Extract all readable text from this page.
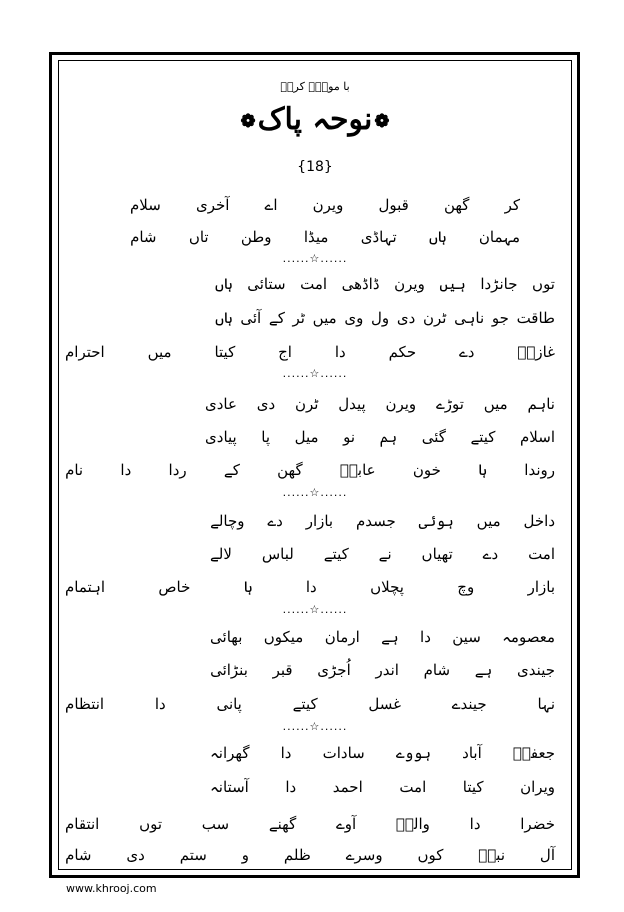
با مولاؑ کرمؑ
❁نوحہ پاک❁
{18}
کر
گھن
قبول
ویرن
اے
آخری
سلام
مہمان
ہاں
تہاڈی
میڈا
وطن
تاں
شام
......☆......
توں
جانڑدا
ہیں
ویرن
ڈاڈھی
امت
ستائی
ہاں
طاقت
جو
ناہی
ٹرن
دی
ول
وی
میں
ٹر
کے
آئی
ہاں
غازیؑ
دے
حکم
دا
اج
کیتا
میں
احترام
......☆......
ناہم
میں
توڑے
ویرن
پیدل
ٹرن
دی
عادی
اسلام
کیتے
گئی
ہم
نو
میل
پا
پیادی
روندا
ہا
خون
عابدؑ
گھن
کے
ردا
دا
نام
......☆......
داخل
میں
ہوئی
جسدم
بازار
دے
وچالے
امت
دے
تھیاں
نے
کیتے
لباس
لالے
بازار
وچ
پچلاں
دا
ہا
خاص
اہتمام
......☆......
معصومہ
سین
دا
ہے
ارمان
میکوں
بھائی
جیندی
ہے
شام
اندر
اُجڑی
قبر
بنڑائی
نہا
جیندے
غسل
کیتے
پانی
دا
انتظام
......☆......
جعفرؔ
آباد
ہووے
سادات
دا
گھرانہ
ویران
کیتا
امت
احمد
دا
آستانہ
خضرا
دا
والیؑ
آوے
گھنے
سب
توں
انتقام
آل
نبیؐ
کوں
وسرے
ظلم
و
ستم
دی
شام
www.khrooj.com
